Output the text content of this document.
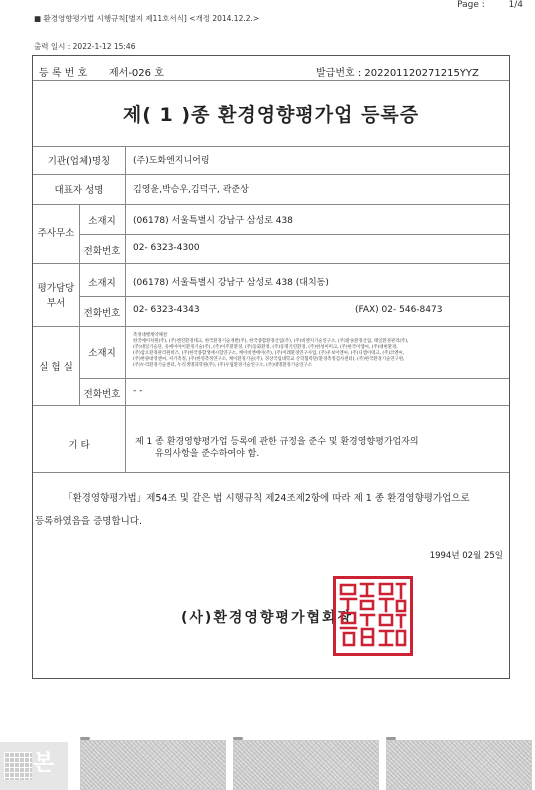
Page :	1/4
■ 환경영향평가법 시행규칙[별지 제11호서식] <개정 2014.12.2.>
출력 일시 : 2022-1-12 15:46
등 록 번 호 제서-026 호	발급번호 : 202201120271215YYZ
제( 1 )종 환경영향평가업 등록증
기관(업체)명칭	(주)도화엔지니어링
대표자 성명	김영윤,박승우,김덕구, 곽준상
주사무소
소재지	(06178) 서울특별시 강남구 삼성로 438
전화번호	02- 6323-4300
평가담당
부서
소재지	(06178) 서울특별시 강남구 삼성로 438 (대치동)
전화번호	02- 6323-4343	(FAX) 02- 546-8473
실 험 실
소재지
측정대행계약체결
한국에이치원(주), (주)엔진환경테크, 한국환경기술개발(주), 한국종합환경산업(주), (주)비엔지기술연구소, (주)환솔환경산업, 태일환경관리(주),
(주)대일기술단, 유에이아이환경기술(주), (주)이주환환경, (주)동화환경, (주)동명기연환경, (주)한성이미크, (주)한국이엠씨, (주)대현환경,
(주)삼오환경관리원비즈, (주)한국종합생애시험연구소, 케이비엔에이(주), (주)이레환경연구사업, (주)우보이엔씨, (주)디엠이테크, (주)코엔씨,
(주)한양대영엔씨, 저기측정, (주)한영측정연구소, 케이환경기술(주), 경상국립대학교 산학협력단(환경측정검사센터), (주)한국환경기술연구원,
(주)누리환경기술센터, 누리생명과학원(주), (주)우림환경기술연구소, (주)대명환경기술연구소
전화번호	- -
기 타	제 1 종 환경영향평가업 등록에 관한 규정을 준수 및 환경영향평가업자의
유의사항을 준수하여야 함.
「환경영향평가법」제54조 및 같은 법 시행규칙 제24조제2항에 따라 제 1 종 환경영향평가업으로
등록하였음을 증명합니다.
1994년 02월 25일
(사)환경영향평가협회장
본
